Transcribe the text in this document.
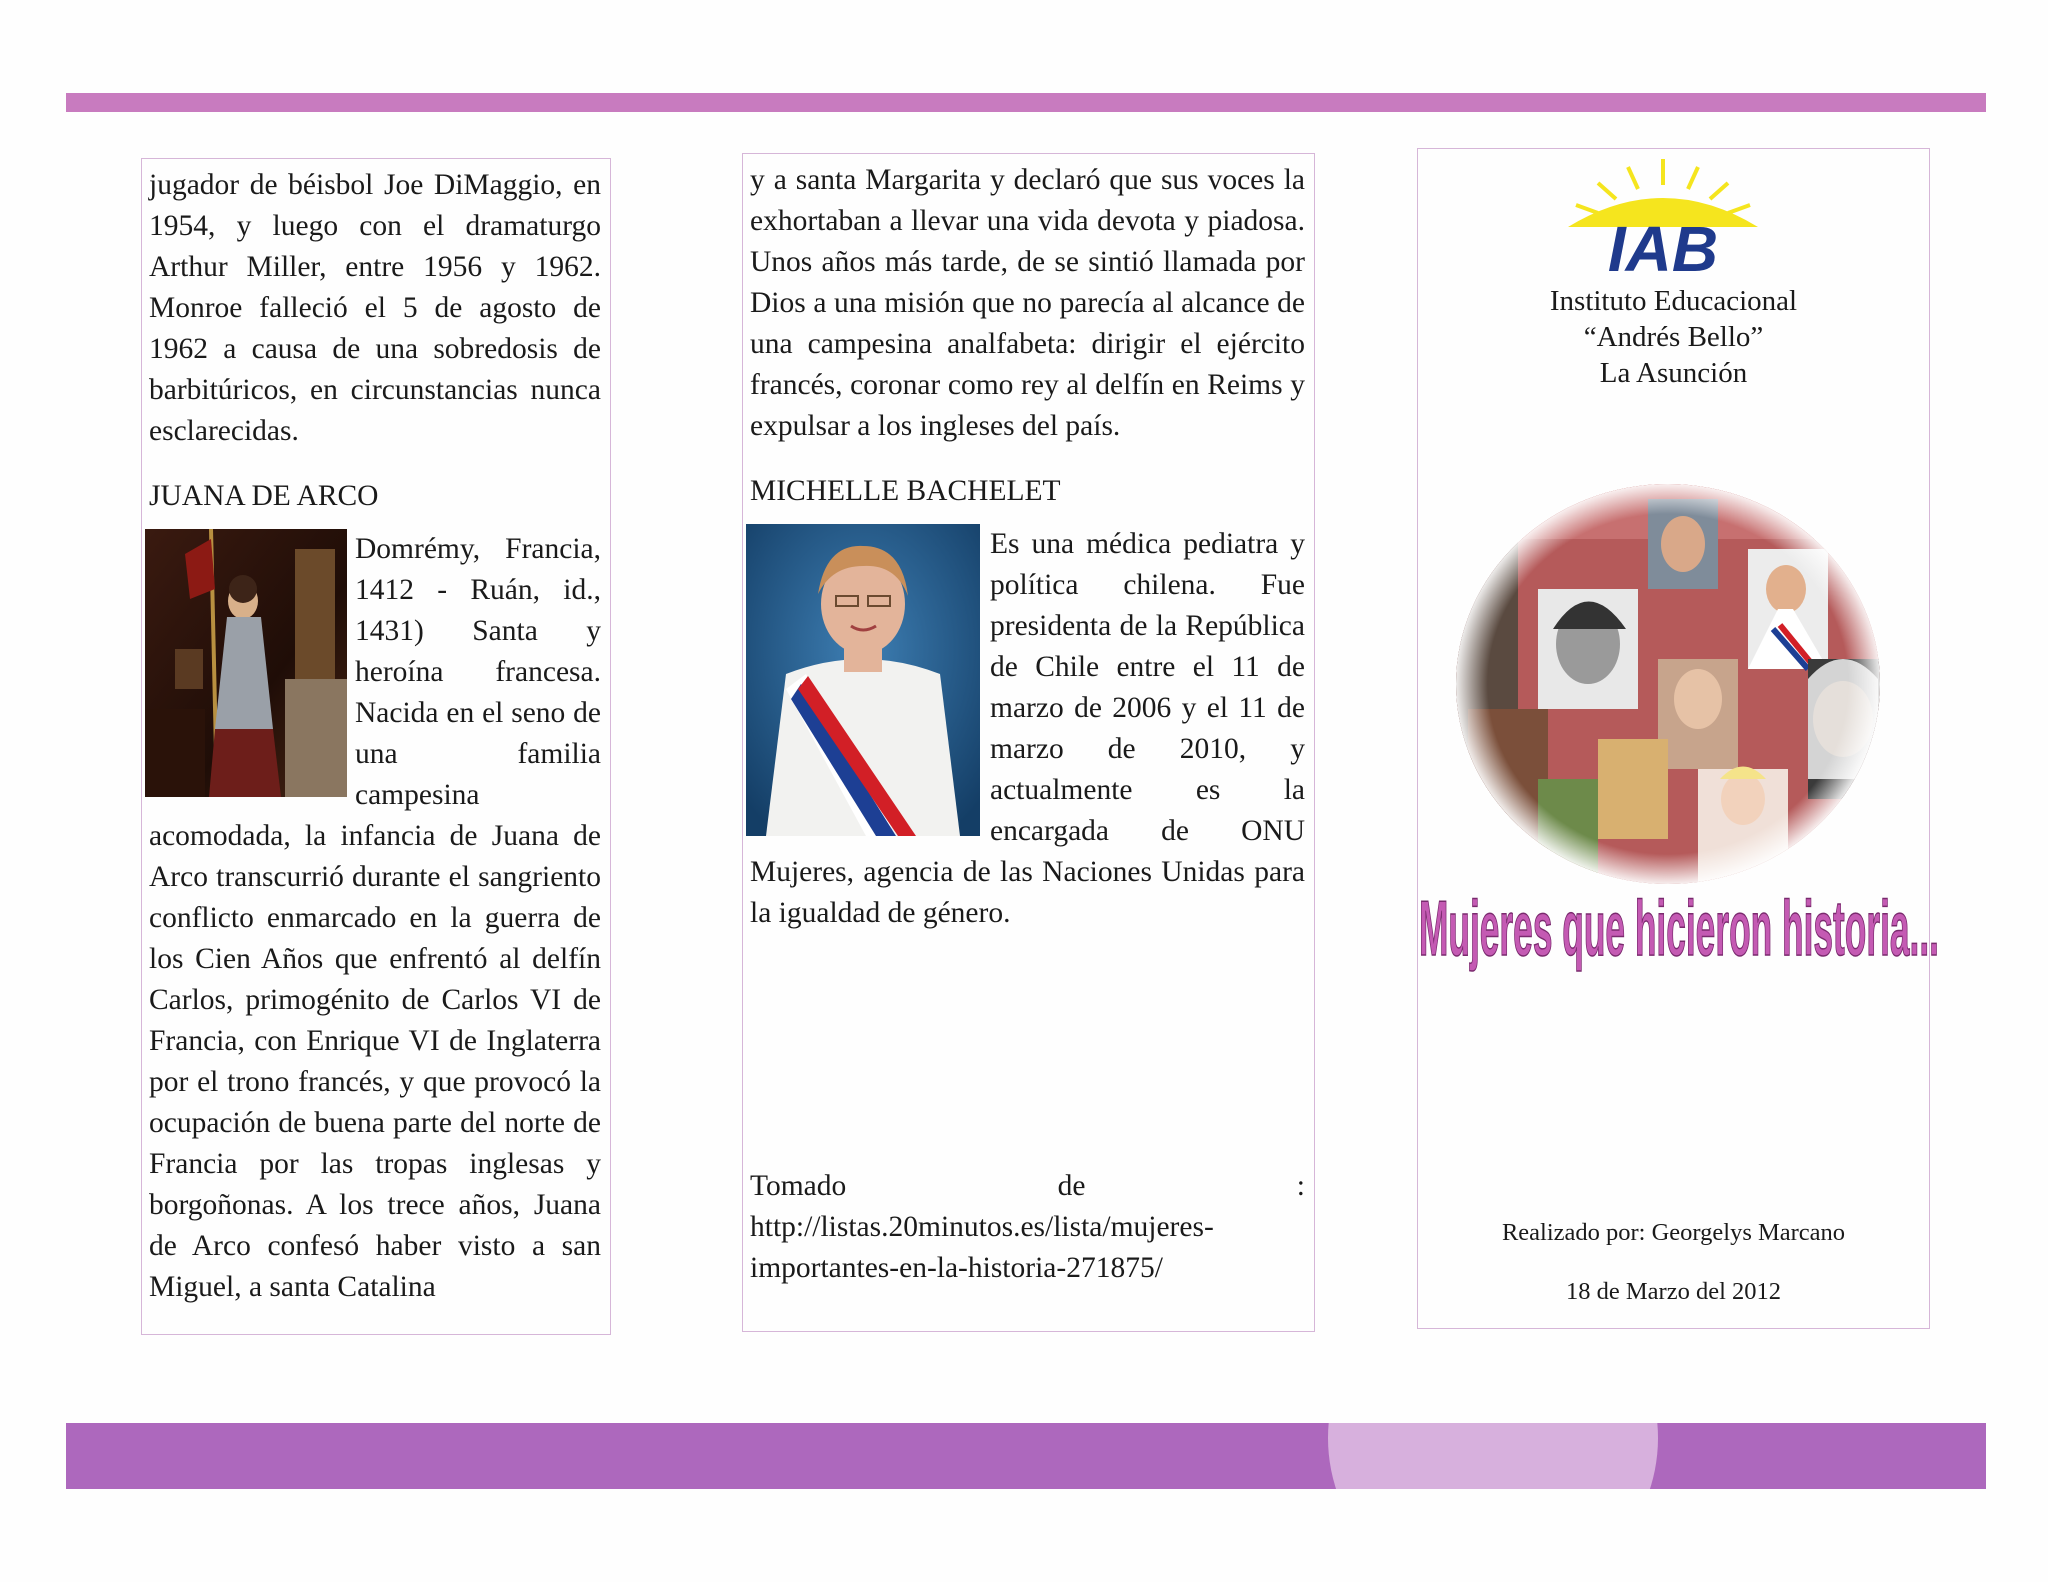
jugador de béisbol Joe DiMaggio, en 1954, y luego con el dramaturgo Arthur Miller, entre 1956 y 1962. Monroe falleció el 5 de agosto de 1962 a causa de una sobredosis de barbitúricos, en circunstancias nunca esclarecidas.

JUANA DE ARCO
Domrémy, Francia, 1412 - Ruán, id., 1431) Santa y heroína francesa. Nacida en el seno de una familia campesina acomodada, la infancia de Juana de Arco transcurrió durante el sangriento conflicto enmarcado en la guerra de los Cien Años que enfrentó al delfín Carlos, primogénito de Carlos VI de Francia, con Enrique VI de Inglaterra por el trono francés, y que provocó la ocupación de buena parte del norte de Francia por las tropas inglesas y borgoñonas. A los trece años, Juana de Arco confesó haber visto a san Miguel, a santa Catalina

y a santa Margarita y declaró que sus voces la exhortaban a llevar una vida devota y piadosa. Unos años más tarde, de se sintió llamada por Dios a una misión que no parecía al alcance de una campesina analfabeta: dirigir el ejército francés, coronar como rey al delfín en Reims y expulsar a los ingleses del país.

MICHELLE BACHELET
Es una médica pediatra y política chilena. Fue presidenta de la República de Chile entre el 11 de marzo de 2006 y el 11 de marzo de 2010, y actualmente es la encargada de ONU Mujeres, agencia de las Naciones Unidas para la igualdad de género.

Tomado de : http://listas.20minutos.es/lista/mujeres-importantes-en-la-historia-271875/

IAB
Instituto Educacional
“Andrés Bello”
La Asunción
Mujeres que hicieron historia...
Realizado por: Georgelys Marcano
18 de Marzo del 2012
